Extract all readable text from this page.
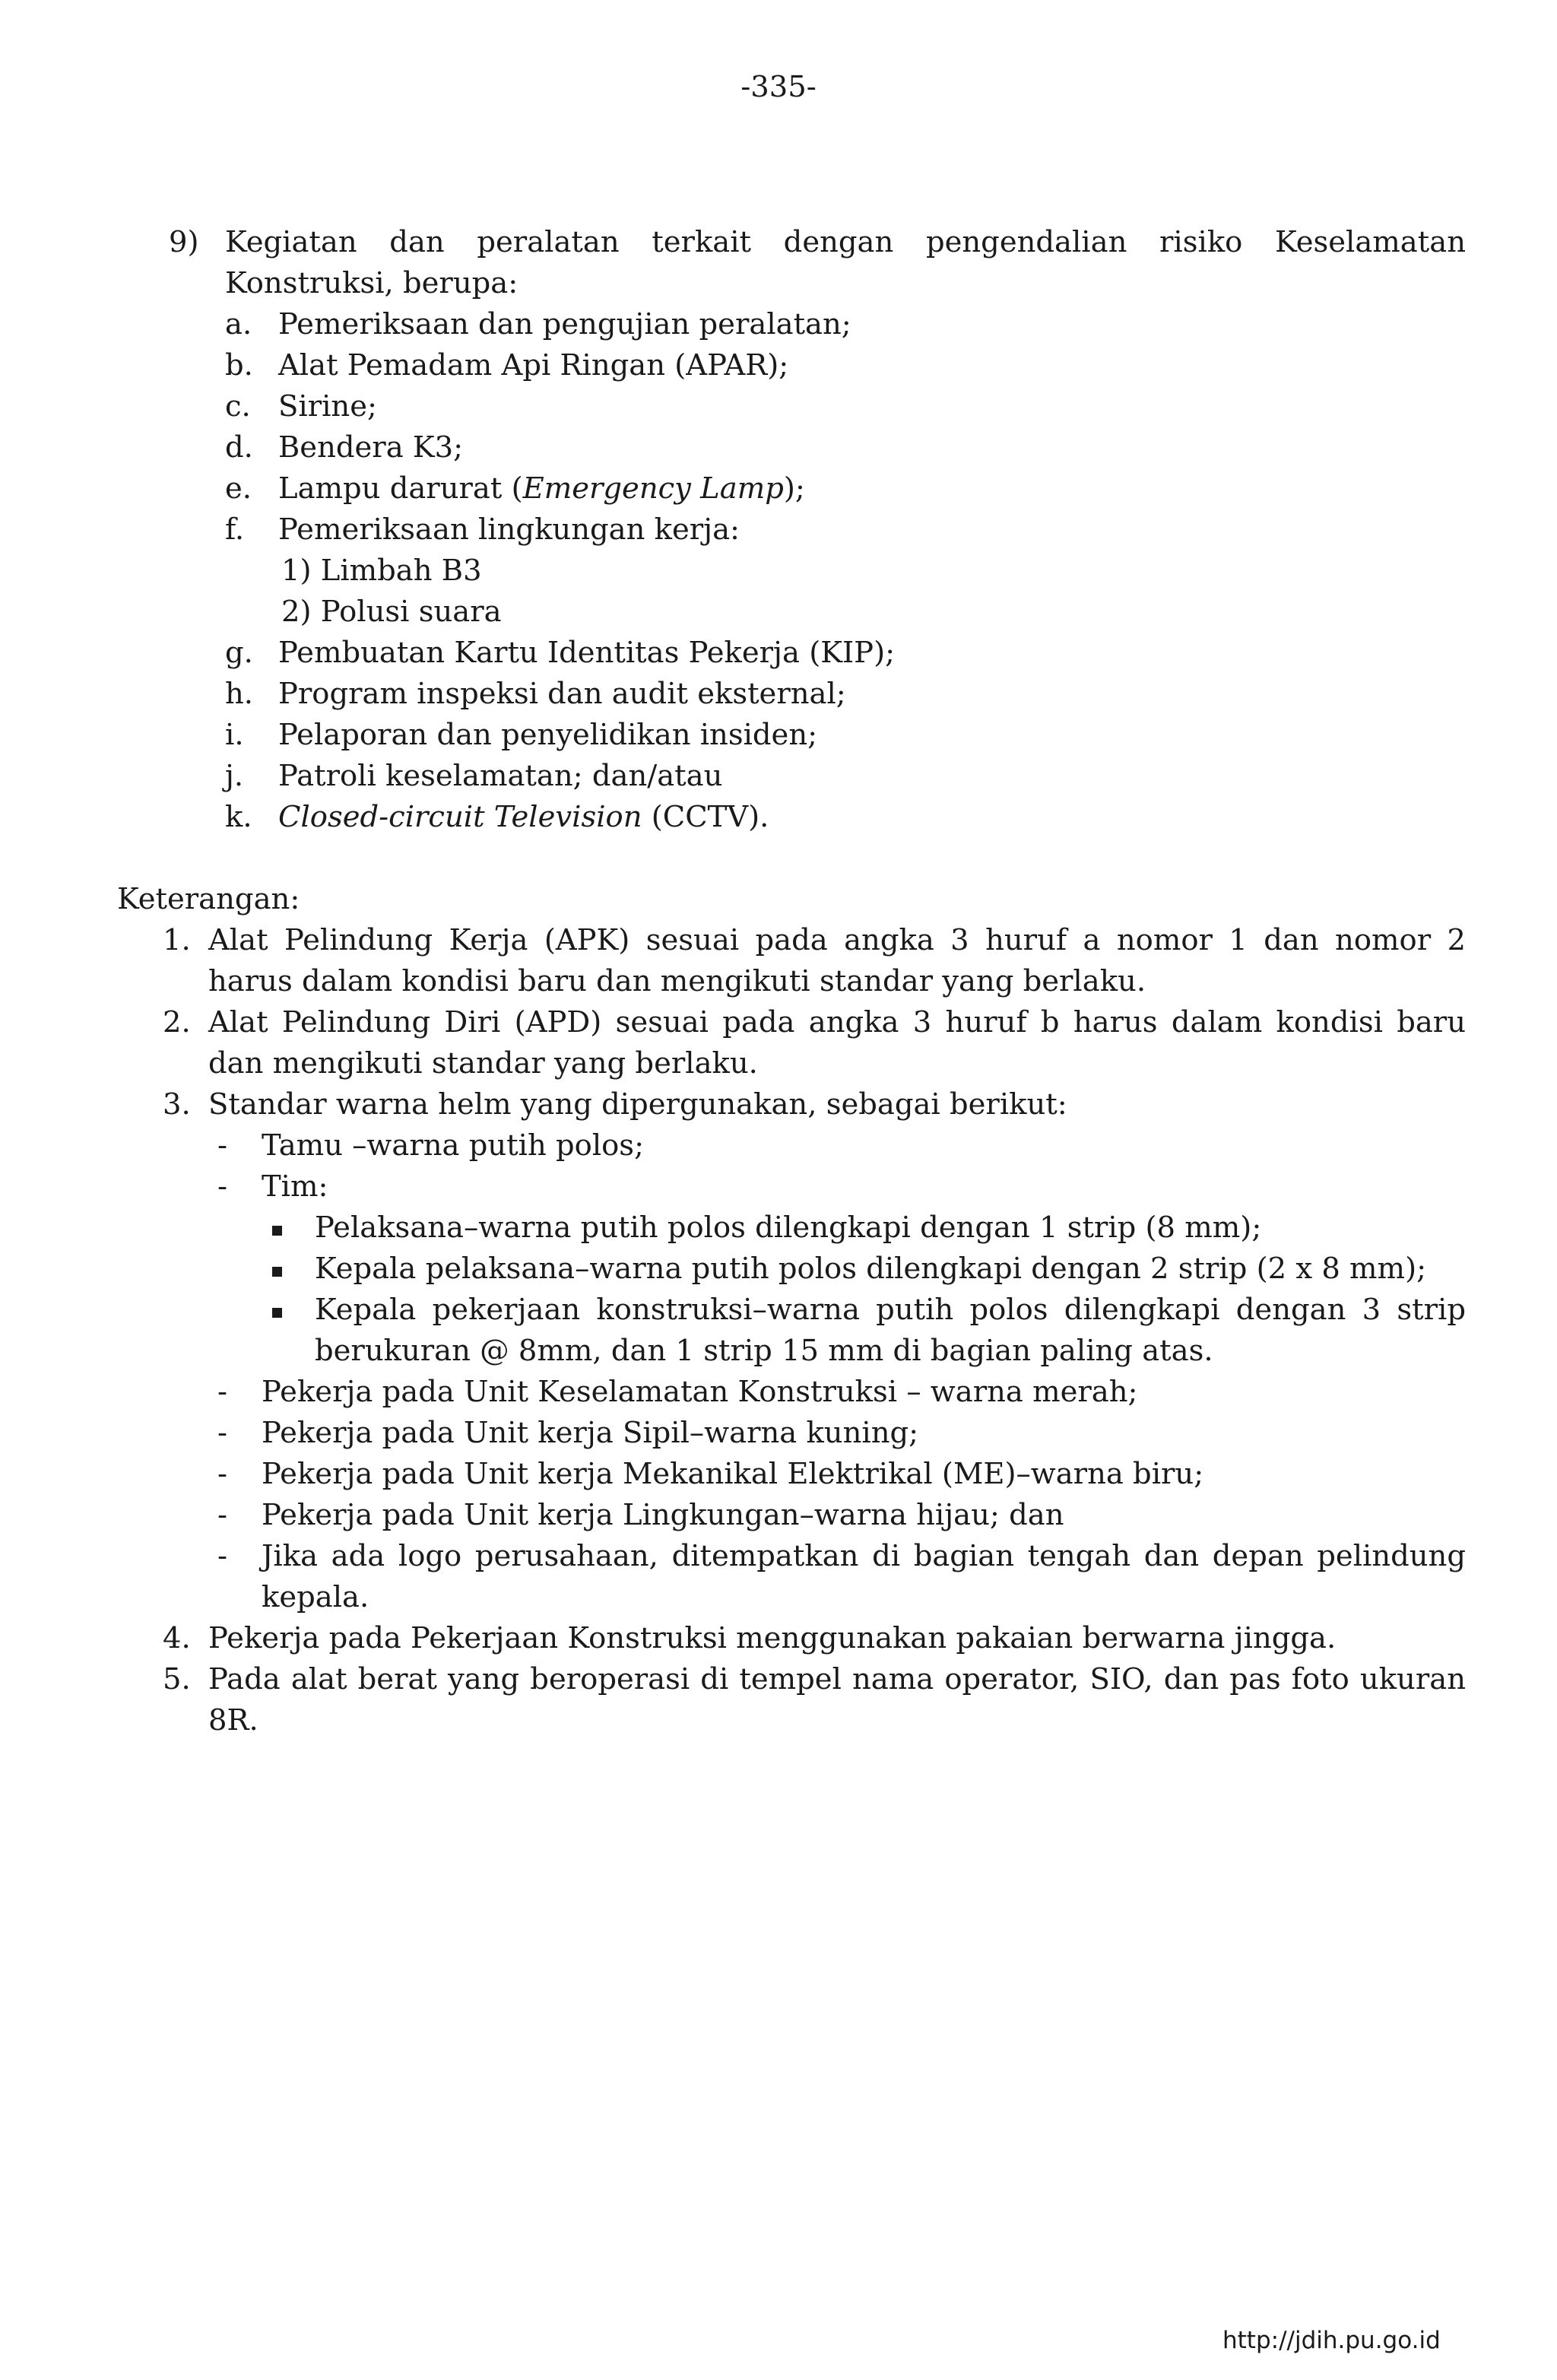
-335-
9) Kegiatan dan peralatan terkait dengan pengendalian risiko Keselamatan
Konstruksi, berupa:
a. Pemeriksaan dan pengujian peralatan;
b. Alat Pemadam Api Ringan (APAR);
c. Sirine;
d. Bendera K3;
e. Lampu darurat (Emergency Lamp);
f. Pemeriksaan lingkungan kerja:
1) Limbah B3
2) Polusi suara
g. Pembuatan Kartu Identitas Pekerja (KIP);
h. Program inspeksi dan audit eksternal;
i. Pelaporan dan penyelidikan insiden;
j. Patroli keselamatan; dan/atau
k. Closed-circuit Television (CCTV).
Keterangan:
1. Alat Pelindung Kerja (APK) sesuai pada angka 3 huruf a nomor 1 dan nomor 2
harus dalam kondisi baru dan mengikuti standar yang berlaku.
2. Alat Pelindung Diri (APD) sesuai pada angka 3 huruf b harus dalam kondisi baru
dan mengikuti standar yang berlaku.
3. Standar warna helm yang dipergunakan, sebagai berikut:
- Tamu –warna putih polos;
- Tim:
Pelaksana–warna putih polos dilengkapi dengan 1 strip (8 mm);
Kepala pelaksana–warna putih polos dilengkapi dengan 2 strip (2 x 8 mm);
Kepala pekerjaan konstruksi–warna putih polos dilengkapi dengan 3 strip
berukuran @ 8mm, dan 1 strip 15 mm di bagian paling atas.
- Pekerja pada Unit Keselamatan Konstruksi – warna merah;
- Pekerja pada Unit kerja Sipil–warna kuning;
- Pekerja pada Unit kerja Mekanikal Elektrikal (ME)–warna biru;
- Pekerja pada Unit kerja Lingkungan–warna hijau; dan
- Jika ada logo perusahaan, ditempatkan di bagian tengah dan depan pelindung
kepala.
4. Pekerja pada Pekerjaan Konstruksi menggunakan pakaian berwarna jingga.
5. Pada alat berat yang beroperasi di tempel nama operator, SIO, dan pas foto ukuran
8R.
http://jdih.pu.go.id
